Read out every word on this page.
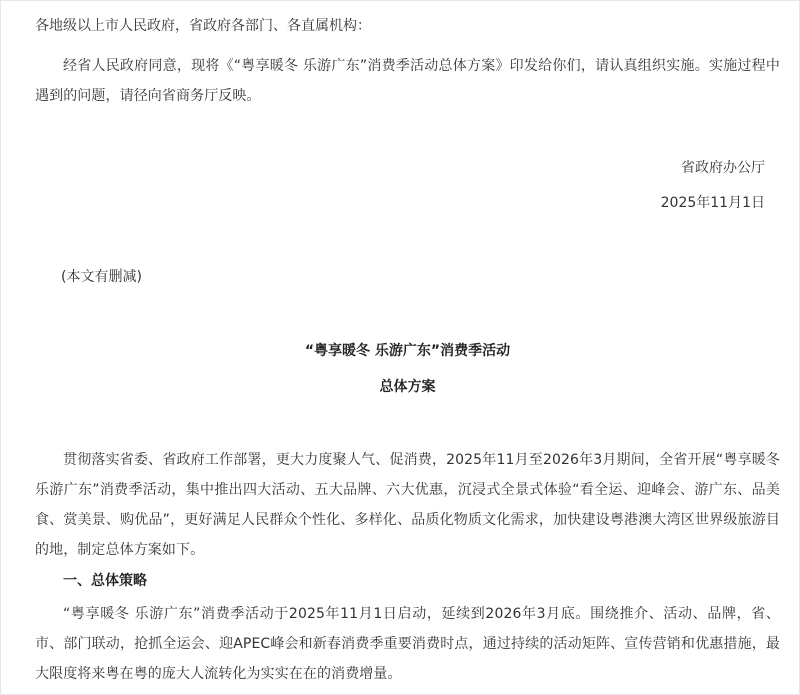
各地级以上市人民政府，省政府各部门、各直属机构：
经省人民政府同意，现将《“粤享暖冬 乐游广东”消费季活动总体方案》印发给你们，请认真组织实施。实施过程中遇到的问题，请径向省商务厅反映。
省政府办公厅
2025年11月1日
(本文有删减)
“粤享暖冬 乐游广东”消费季活动
总体方案
贯彻落实省委、省政府工作部署，更大力度聚人气、促消费，2025年11月至2026年3月期间，全省开展“粤享暖冬 乐游广东”消费季活动，集中推出四大活动、五大品牌、六大优惠，沉浸式全景式体验“看全运、迎峰会、游广东、品美食、赏美景、购优品”，更好满足人民群众个性化、多样化、品质化物质文化需求，加快建设粤港澳大湾区世界级旅游目的地，制定总体方案如下。
一、总体策略
“粤享暖冬 乐游广东”消费季活动于2025年11月1日启动，延续到2026年3月底。围绕推介、活动、品牌，省、市、部门联动，抢抓全运会、迎APEC峰会和新春消费季重要消费时点，通过持续的活动矩阵、宣传营销和优惠措施，最大限度将来粤在粤的庞大人流转化为实实在在的消费增量。
